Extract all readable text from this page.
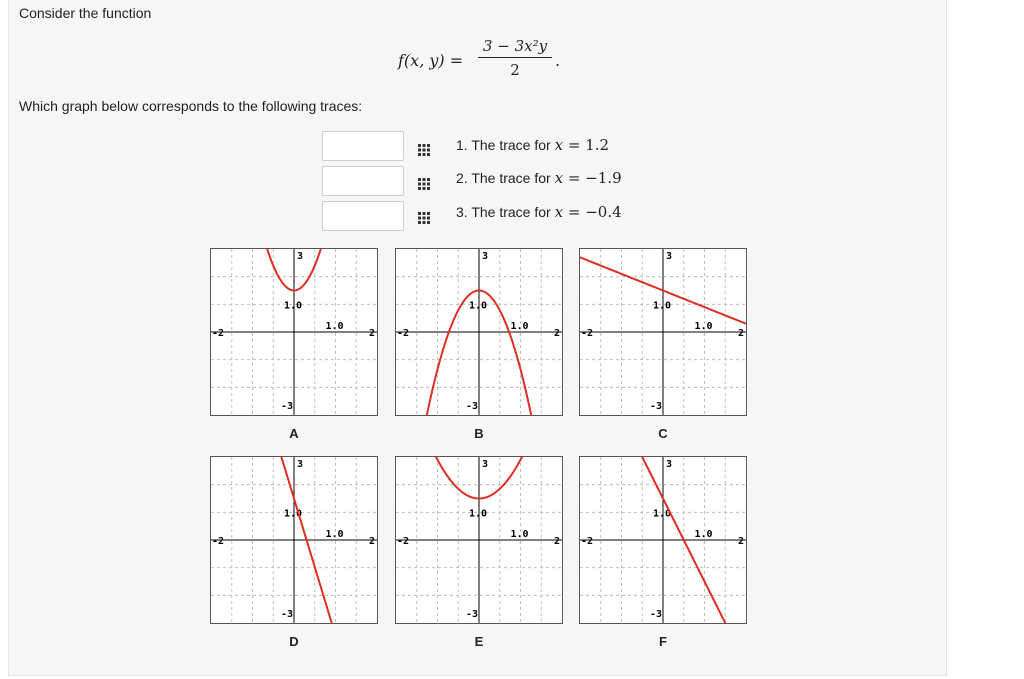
Consider the function
f(x, $y) = \frac{\text{3 − 3x²y}}{2}$ .
Which graph below corresponds to the following traces:
1. The trace for x = 1.2
2. The trace for x = −1.9
3. The trace for x = −0.4
-2	2
3
-3
1.0
1.0
-2	2
3
-3
1.0
1.0
-2	2
3
-3
1.0
1.0
-2	2
3
-3
1.0
1.0
-2	2
3
-3
1.0
1.0
-2	2
3
-3
1.0
1.0
A	B	C
D	E	F
